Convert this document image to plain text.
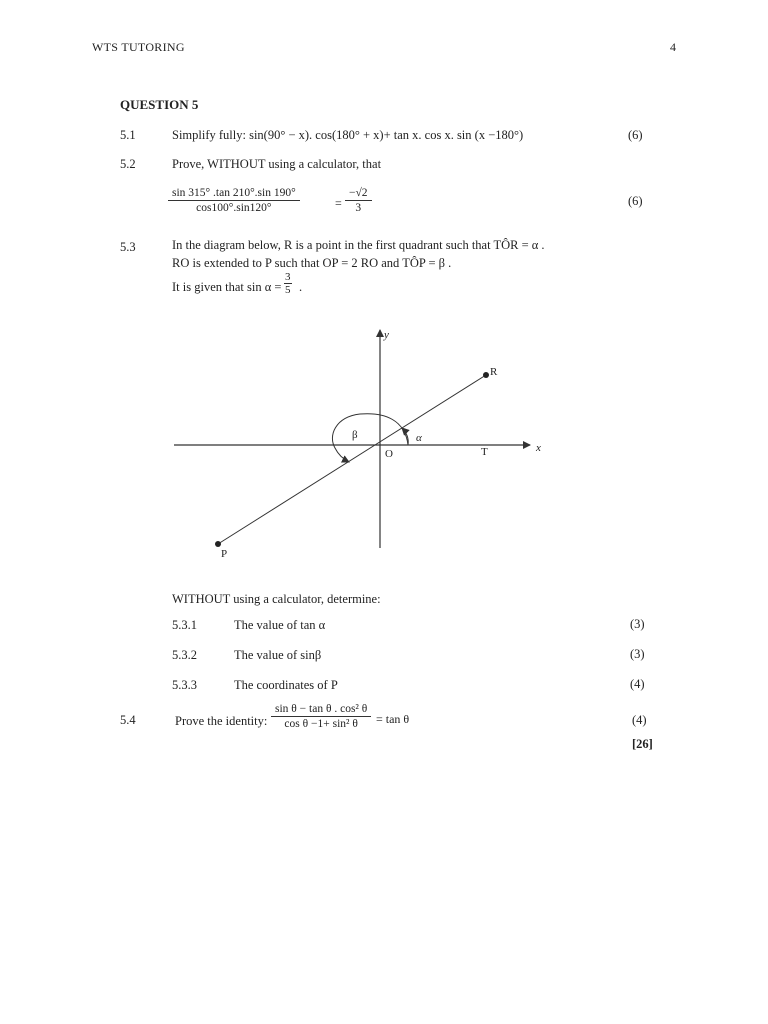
WTS TUTORING	4
QUESTION 5
5.1	Simplify fully: sin(90° − x). cos(180° + x)+ tan x. cos x. sin (x −180°)	(6)
5.2	Prove, WITHOUT using a calculator, that
$\frac{\sin 315^\circ .\tan 210^\circ.\sin 190^\circ}{\cos 100^\circ.\sin 120^\circ}$	= $\frac{-√2}{3}$	(6)
5.3	In the diagram below, R is a point in the first quadrant such that TÔR = α .
RO is extended to P such that OP = 2 RO and TÔP = β .
It is given that $\sin \alpha = \frac{3}{5}$ .
y
x
R
P
O	T
β	α
WITHOUT using a calculator, determine:
5.3.1	The value of tan α	(3)
5.3.2	The value of sinβ	(3)
5.3.3	The coordinates of P	(4)
5.4	Prove the identity: $\frac{\text{sin θ − tan θ . cos² θ}}{\text{cos θ −1+ sin² θ}} = \tan \theta$	(4)
[26]
